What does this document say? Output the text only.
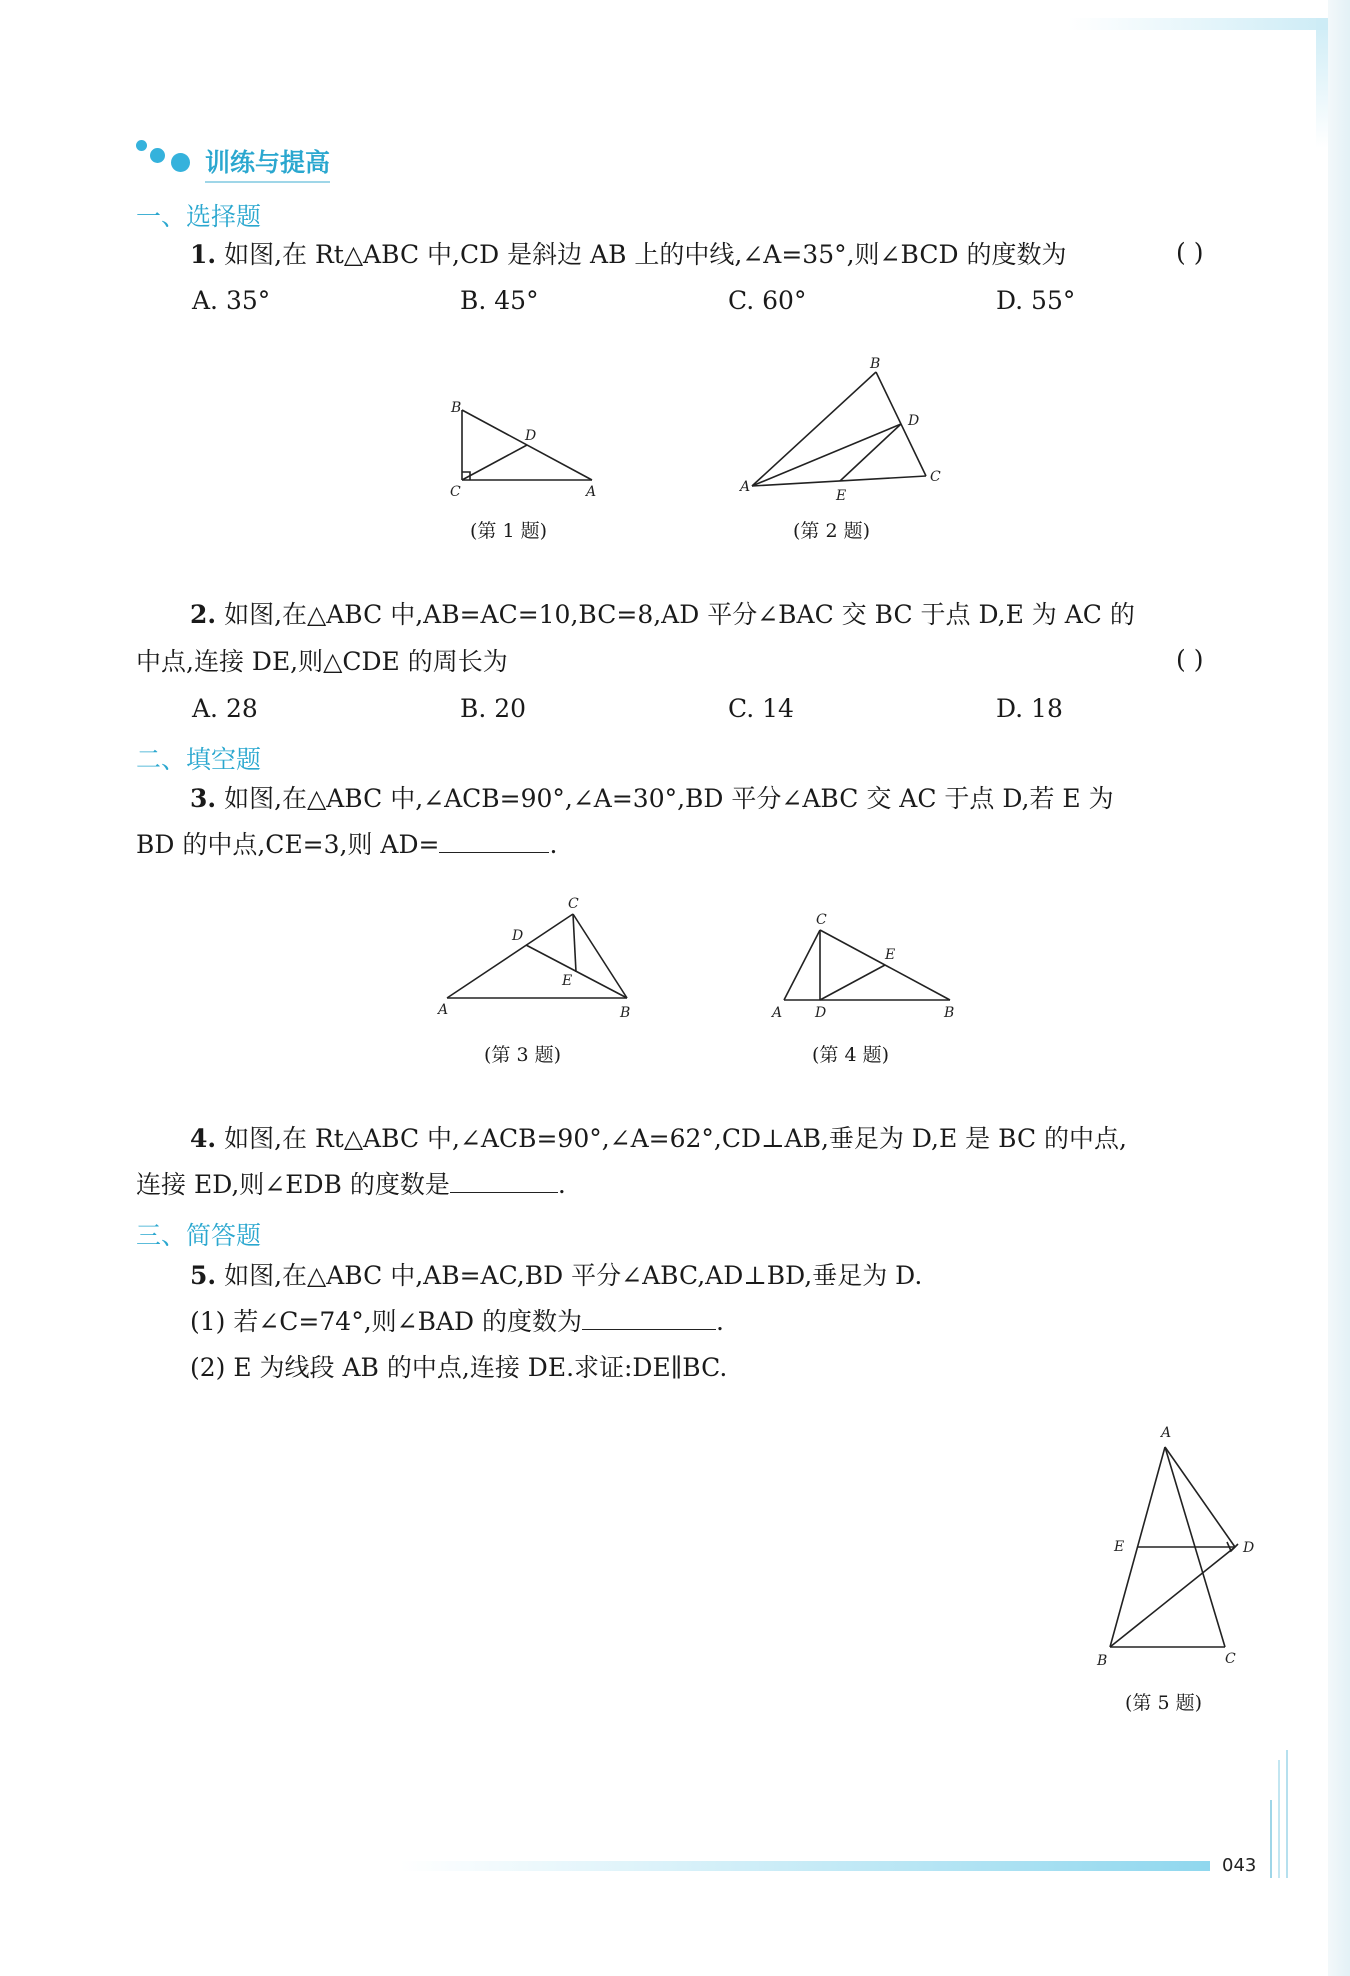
训练与提高
一、选择题
1. 如图,在 Rt△ABC 中,CD 是斜边 AB 上的中线,∠A=35°,则∠BCD 的度数为	( )
A. 35°	B. 45°	C. 60°	D. 55°
B
D
C	A
(第 1 题)
B
D
A
E
C
(第 2 题)
2. 如图,在△ABC 中,AB=AC=10,BC=8,AD 平分∠BAC 交 BC 于点 D,E 为 AC 的
中点,连接 DE,则△CDE 的周长为	( )
A. 28	B. 20	C. 14	D. 18
二、填空题
3. 如图,在△ABC 中,∠ACB=90°,∠A=30°,BD 平分∠ABC 交 AC 于点 D,若 E 为
BD 的中点,CE=3,则 AD=	.
C
D
E
A	B
(第 3 题)
C
E
A D	B
(第 4 题)
4. 如图,在 Rt△ABC 中,∠ACB=90°,∠A=62°,CD⊥AB,垂足为 D,E 是 BC 的中点,
连接 ED,则∠EDB 的度数是	.
三、简答题
5. 如图,在△ABC 中,AB=AC,BD 平分∠ABC,AD⊥BD,垂足为 D.
(1) 若∠C=74°,则∠BAD 的度数为	.
(2) E 为线段 AB 的中点,连接 DE.求证:DE∥BC.
A
E	D
B	C
(第 5 题)
043
